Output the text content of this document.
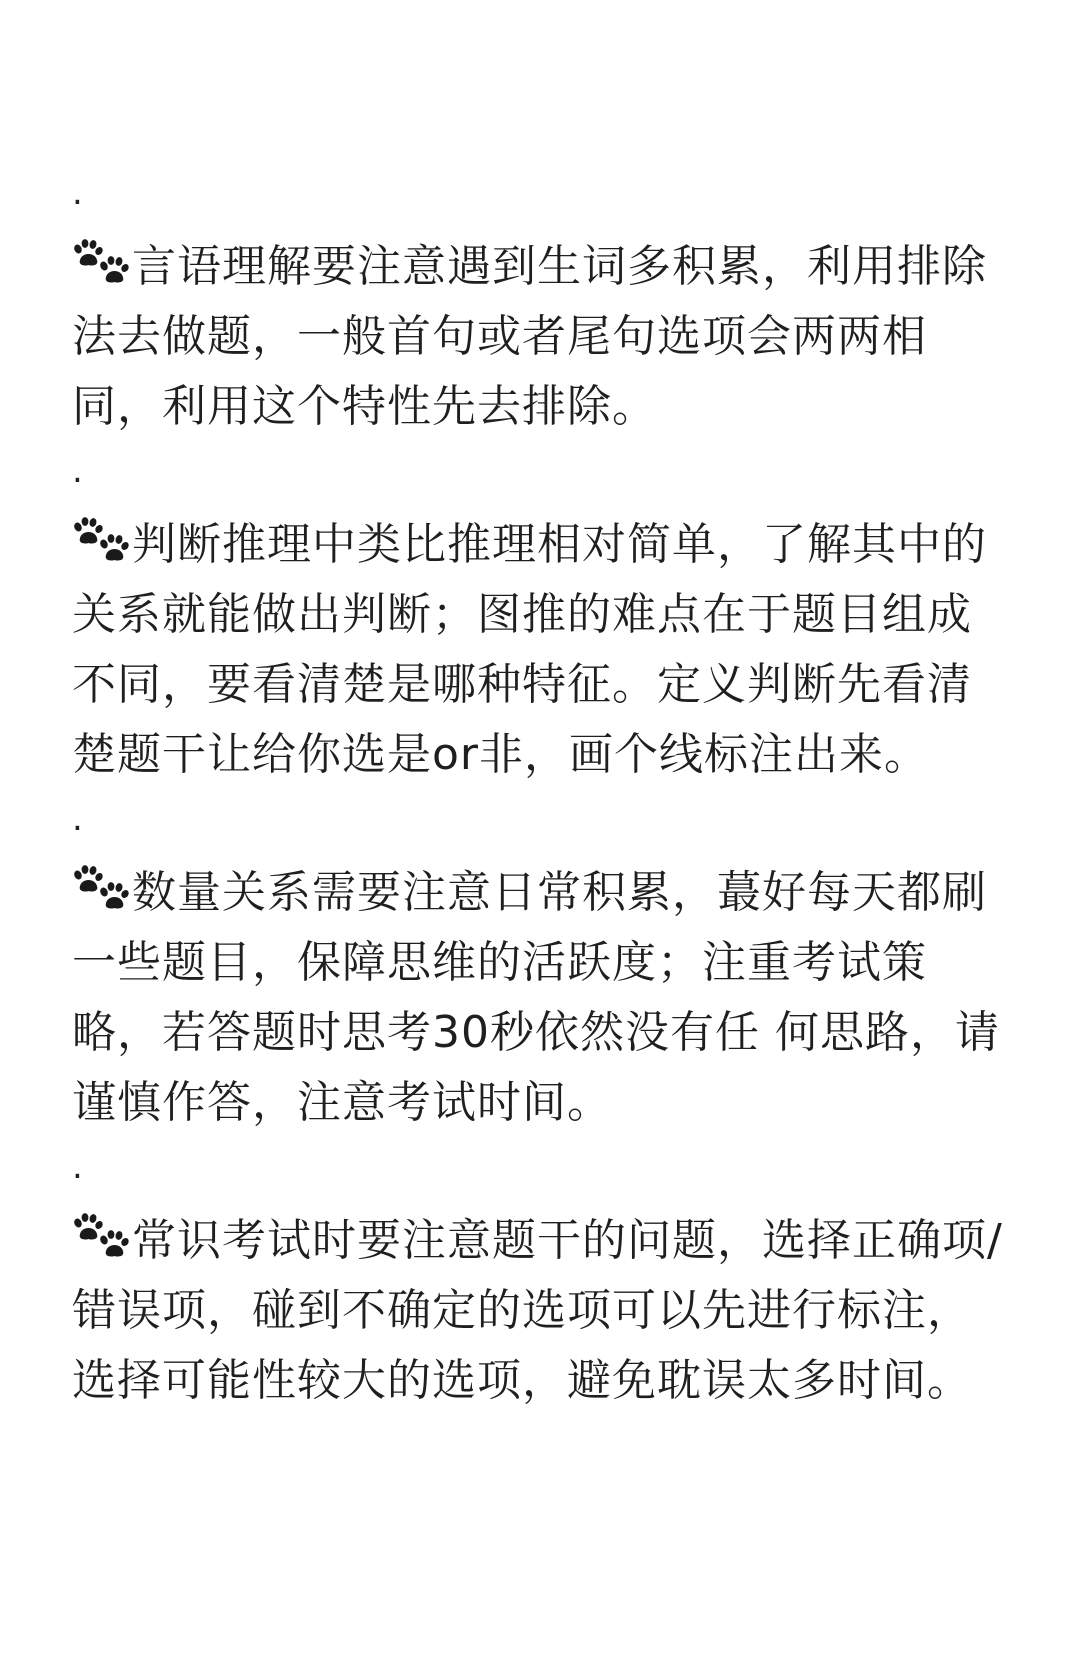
.

言语理解要注意遇到生词多积累，利用排除法去做题，一般首句或者尾句选项会两两相同，利用这个特性先去排除。

.

判断推理中类比推理相对简单，了解其中的关系就能做出判断；图推的难点在于题目组成不同，要看清楚是哪种特征。定义判断先看清楚题干让给你选是or非，画个线标注出来。

.

数量关系需要注意日常积累，蕞好每天都刷一些题目，保障思维的活跃度；注重考试策略，若答题时思考30秒依然没有任 何思路，请谨慎作答，注意考试时间。

.

常识考试时要注意题干的问题，选择正确项/错误项，碰到不确定的选项可以先进行标注，选择可能性较大的选项，避免耽误太多时间。
